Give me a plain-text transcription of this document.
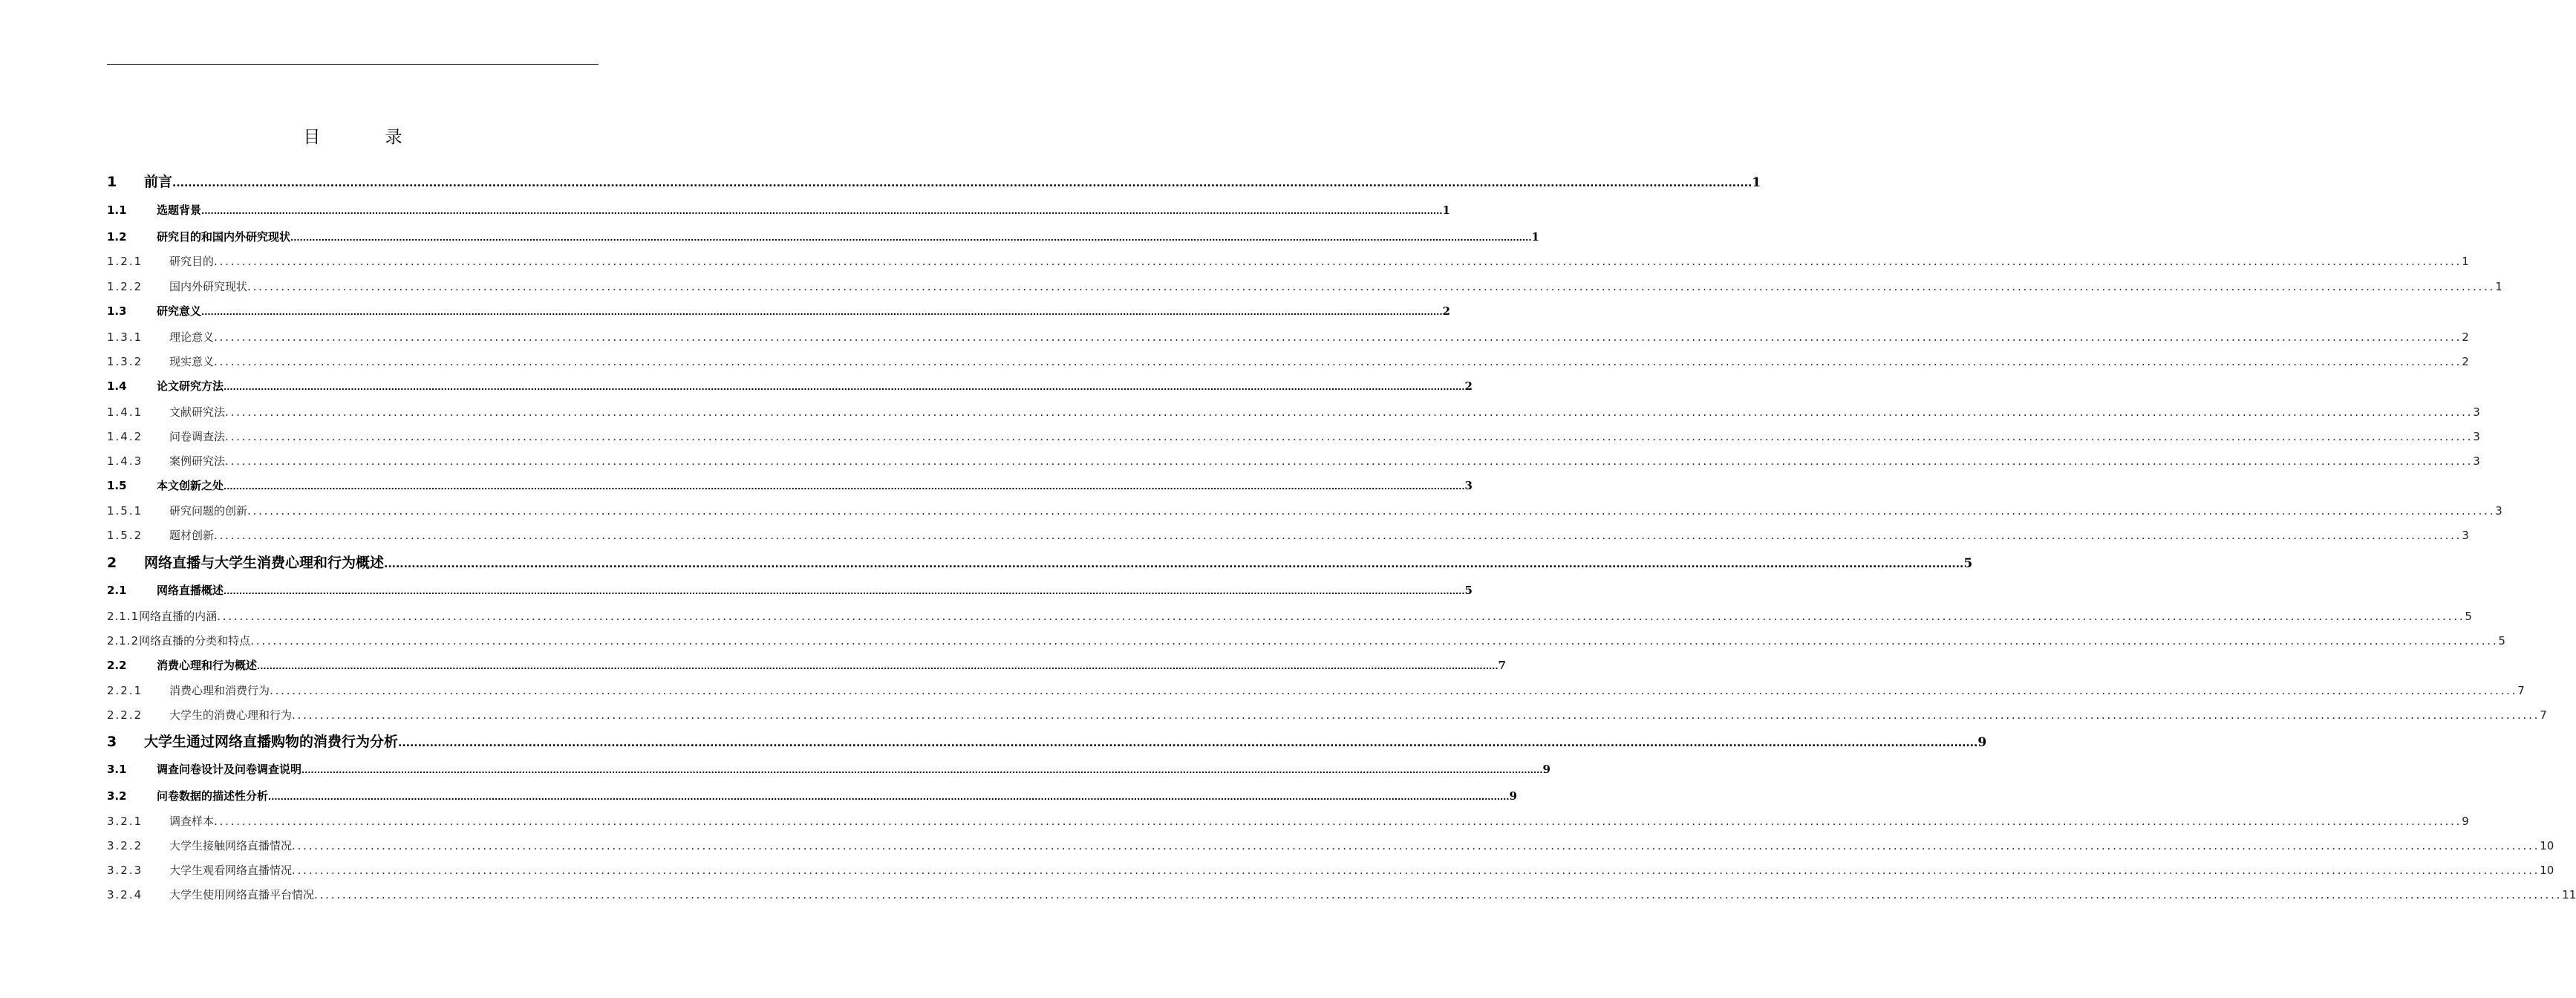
目 录
1	前言 ................................................................................................................................................................................................................................................................................................................................................................................................................ 1
1.1	选题背景 ................................................................................................................................................................................................................................................................................................................................................................................................................ 1
1.2	研究目的和国内外研究现状 ................................................................................................................................................................................................................................................................................................................................................................................................................ 1
1.2.1	研究目的 ................................................................................................................................................................................................................................................................................................................................................................................................................ 1
1.2.2	国内外研究现状 ................................................................................................................................................................................................................................................................................................................................................................................................................ 1
1.3	研究意义 ................................................................................................................................................................................................................................................................................................................................................................................................................ 2
1.3.1	理论意义 ................................................................................................................................................................................................................................................................................................................................................................................................................ 2
1.3.2	现实意义 ................................................................................................................................................................................................................................................................................................................................................................................................................ 2
1.4	论文研究方法 ................................................................................................................................................................................................................................................................................................................................................................................................................ 2
1.4.1	文献研究法 ................................................................................................................................................................................................................................................................................................................................................................................................................ 3
1.4.2	问卷调查法 ................................................................................................................................................................................................................................................................................................................................................................................................................ 3
1.4.3	案例研究法 ................................................................................................................................................................................................................................................................................................................................................................................................................ 3
1.5	本文创新之处 ................................................................................................................................................................................................................................................................................................................................................................................................................ 3
1.5.1	研究问题的创新 ................................................................................................................................................................................................................................................................................................................................................................................................................ 3
1.5.2	题材创新 ................................................................................................................................................................................................................................................................................................................................................................................................................ 3
2	网络直播与大学生消费心理和行为概述 ................................................................................................................................................................................................................................................................................................................................................................................................................ 5
2.1	网络直播概述 ................................................................................................................................................................................................................................................................................................................................................................................................................ 5
2.1.1 网络直播的内涵 ................................................................................................................................................................................................................................................................................................................................................................................................................ 5
2.1.2 网络直播的分类和特点 ................................................................................................................................................................................................................................................................................................................................................................................................................ 5
2.2	消费心理和行为概述 ................................................................................................................................................................................................................................................................................................................................................................................................................ 7
2.2.1	消费心理和消费行为 ................................................................................................................................................................................................................................................................................................................................................................................................................ 7
2.2.2	大学生的消费心理和行为 ................................................................................................................................................................................................................................................................................................................................................................................................................ 7
3	大学生通过网络直播购物的消费行为分析 ................................................................................................................................................................................................................................................................................................................................................................................................................ 9
3.1	调查问卷设计及问卷调查说明 ................................................................................................................................................................................................................................................................................................................................................................................................................ 9
3.2	问卷数据的描述性分析 ................................................................................................................................................................................................................................................................................................................................................................................................................ 9
3.2.1	调查样本 ................................................................................................................................................................................................................................................................................................................................................................................................................ 9
3.2.2	大学生接触网络直播情况 ................................................................................................................................................................................................................................................................................................................................................................................................................ 10
3.2.3	大学生观看网络直播情况 ................................................................................................................................................................................................................................................................................................................................................................................................................ 10
3.2.4	大学生使用网络直播平台情况 ................................................................................................................................................................................................................................................................................................................................................................................................................ 11
